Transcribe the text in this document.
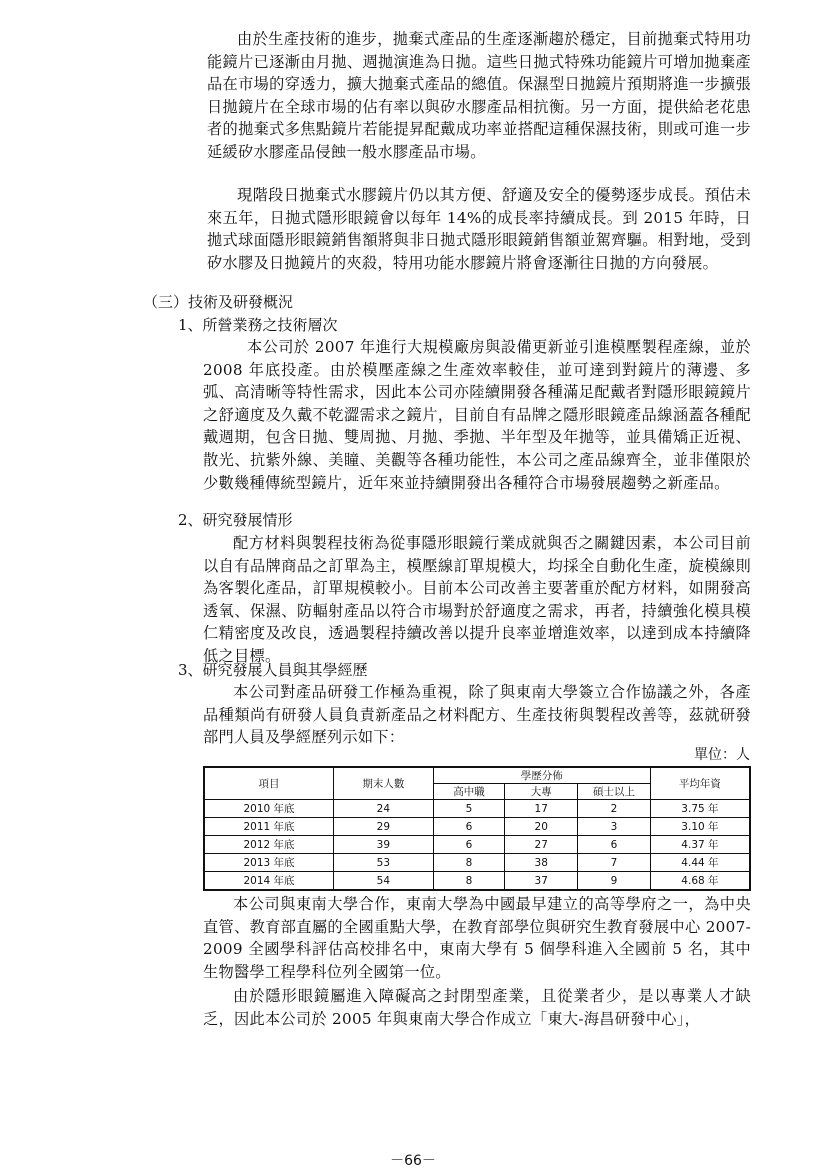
由於生產技術的進步，拋棄式產品的生產逐漸趨於穩定，目前拋棄式特用功能鏡片已逐漸由月拋、週拋演進為日拋。這些日拋式特殊功能鏡片可增加拋棄產品在市場的穿透力，擴大拋棄式產品的總值。保濕型日拋鏡片預期將進一步擴張日拋鏡片在全球市場的佔有率以與矽水膠產品相抗衡。另一方面，提供給老花患者的拋棄式多焦點鏡片若能提昇配戴成功率並搭配這種保濕技術，則或可進一步延緩矽水膠產品侵蝕一般水膠產品市場。

現階段日拋棄式水膠鏡片仍以其方便、舒適及安全的優勢逐步成長。預估未來五年，日拋式隱形眼鏡會以每年 14%的成長率持續成長。到 2015 年時，日拋式球面隱形眼鏡銷售額將與非日拋式隱形眼鏡銷售額並駕齊驅。相對地，受到矽水膠及日拋鏡片的夾殺，特用功能水膠鏡片將會逐漸往日拋的方向發展。

（三）技術及研發概況
1、所營業務之技術層次

本公司於 2007 年進行大規模廠房與設備更新並引進模壓製程產線，並於 2008 年底投產。由於模壓產線之生產效率較佳，並可達到對鏡片的薄邊、多弧、高清晰等特性需求，因此本公司亦陸續開發各種滿足配戴者對隱形眼鏡鏡片之舒適度及久戴不乾澀需求之鏡片，目前自有品牌之隱形眼鏡產品線涵蓋各種配戴週期，包含日拋、雙周拋、月拋、季拋、半年型及年拋等，並具備矯正近視、散光、抗紫外線、美瞳、美觀等各種功能性，本公司之產品線齊全，並非僅限於少數幾種傳統型鏡片，近年來並持續開發出各種符合市場發展趨勢之新產品。

2、研究發展情形

配方材料與製程技術為從事隱形眼鏡行業成就與否之關鍵因素，本公司目前以自有品牌商品之訂單為主，模壓線訂單規模大，均採全自動化生產，旋模線則為客製化產品，訂單規模較小。目前本公司改善主要著重於配方材料，如開發高透氧、保濕、防輻射產品以符合市場對於舒適度之需求，再者，持續強化模具模仁精密度及改良，透過製程持續改善以提升良率並增進效率，以達到成本持續降低之目標。

3、研究發展人員與其學經歷

本公司對產品研發工作極為重視，除了與東南大學簽立合作協議之外，各產品種類尚有研發人員負責新產品之材料配方、生產技術與製程改善等，茲就研發部門人員及學經歷列示如下：

單位：人
項目	期末人數	學歷分佈			平均年資
		高中職	大專	碩士以上	
2010 年底	24	5	17	2	3.75 年
2011 年底	29	6	20	3	3.10 年
2012 年底	39	6	27	6	4.37 年
2013 年底	53	8	38	7	4.44 年
2014 年底	54	8	37	9	4.68 年

本公司與東南大學合作，東南大學為中國最早建立的高等學府之一，為中央直管、教育部直屬的全國重點大學，在教育部學位與研究生教育發展中心 2007-2009 全國學科評估高校排名中，東南大學有 5 個學科進入全國前 5 名，其中生物醫學工程學科位列全國第一位。

由於隱形眼鏡屬進入障礙高之封閉型產業，且從業者少，是以專業人才缺乏，因此本公司於 2005 年與東南大學合作成立「東大-海昌研發中心」，

－66－
